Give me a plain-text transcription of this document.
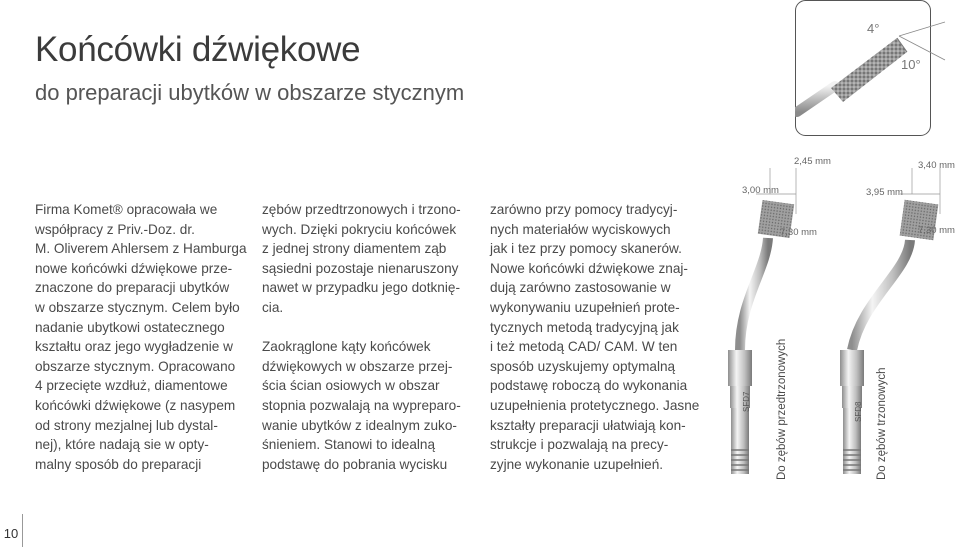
Końcówki dźwiękowe
do preparacji ubytków w obszarze stycznym
Firma Komet® opracowała we
współpracy z Priv.-Doz. dr.
M. Oliverem Ahlersem z Hamburga
nowe końcówki dźwiękowe prze-
znaczone do preparacji ubytków
w obszarze stycznym. Celem było
nadanie ubytkowi ostatecznego
kształtu oraz jego wygładzenie w
obszarze stycznym. Opracowano
4 przecięte wzdłuż, diamentowe
końcówki dźwiękowe (z nasypem
od strony mezjalnej lub dystal-
nej), które nadają sie w opty-
malny sposób do preparacji
zębów przedtrzonowych i trzono-
wych. Dzięki pokryciu końcówek
z jednej strony diamentem ząb
sąsiedni pozostaje nienaruszony
nawet w przypadku jego dotknię-
cia.
Zaokrąglone kąty końcówek
dźwiękowych w obszarze przej-
ścia ścian osiowych w obszar
stopnia pozwalają na wypreparo-
wanie ubytków z idealnym zuko-
śnieniem. Stanowi to idealną
podstawę do pobrania wycisku
zarówno przy pomocy tradycyj-
nych materiałów wyciskowych
jak i tez przy pomocy skanerów.
Nowe końcówki dźwiękowe znaj-
dują zarówno zastosowanie w
wykonywaniu uzupełnień prote-
tycznych metodą tradycyjną jak
i też metodą CAD/ CAM. W ten
sposób uzyskujemy optymalną
podstawę roboczą do wykonania
uzupełnienia protetycznego. Jasne
kształty preparacji ułatwiają kon-
strukcje i pozwalają na precy-
zyjne wykonanie uzupełnień.
4°
10°
2,45 mm
3,00 mm
7,30 mm
3,40 mm
3,95 mm
7,30 mm
SFD7	SFD8
Do zębów przedtrzonowych	Do zębów trzonowych
10
